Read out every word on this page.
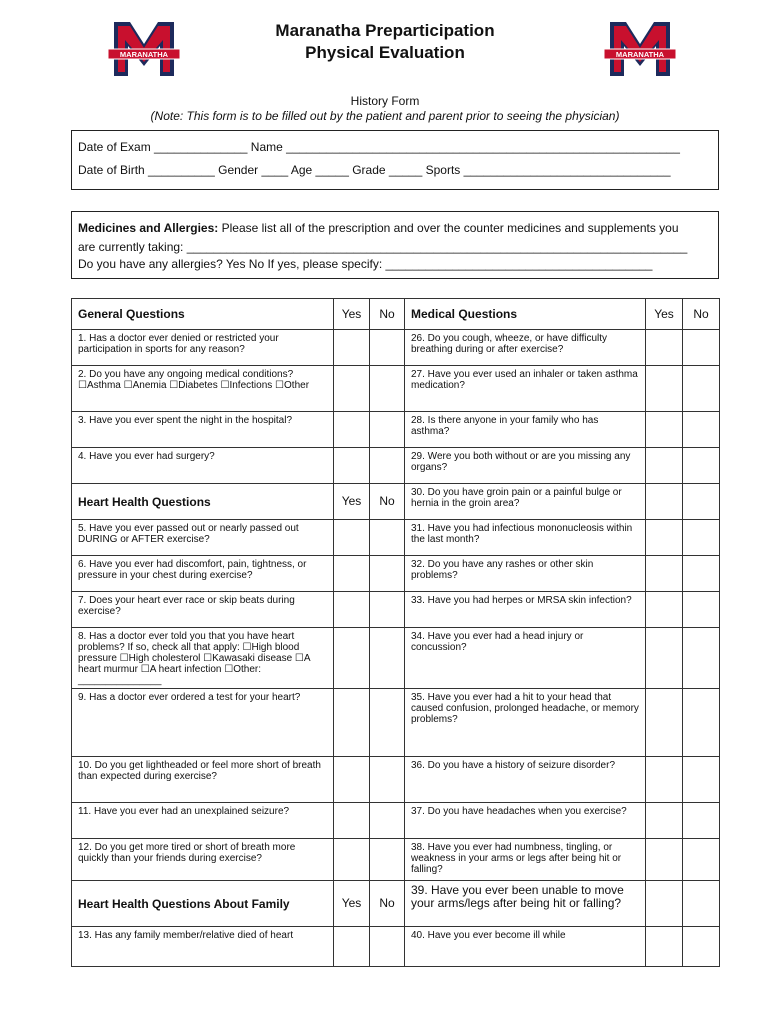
MARANATHA	MARANATHA
Maranatha Preparticipation
Physical Evaluation
History Form
(Note: This form is to be filled out by the patient and parent prior to seeing the physician)
Date of Exam ______________ Name ___________________________________________________________
Date of Birth __________ Gender ____ Age _____ Grade _____ Sports _______________________________
Medicines and Allergies: Please list all of the prescription and over the counter medicines and supplements you
are currently taking: ___________________________________________________________________________
Do you have any allergies? Yes No If yes, please specify: ________________________________________
General Questions	Yes	No	Medical Questions	Yes	No
1. Has a doctor ever denied or restricted your participation in sports for any reason?			26. Do you cough, wheeze, or have difficulty breathing during or after exercise?		
2. Do you have any ongoing medical conditions? ☐Asthma ☐Anemia ☐Diabetes ☐Infections ☐Other			27. Have you ever used an inhaler or taken asthma medication?		
3. Have you ever spent the night in the hospital?			28. Is there anyone in your family who has asthma?		
4. Have you ever had surgery?			29. Were you both without or are you missing any organs?		
Heart Health Questions	Yes	No	30. Do you have groin pain or a painful bulge or hernia in the groin area?		
5. Have you ever passed out or nearly passed out DURING or AFTER exercise?			31. Have you had infectious mononucleosis within the last month?		
6. Have you ever had discomfort, pain, tightness, or pressure in your chest during exercise?			32. Do you have any rashes or other skin problems?		
7. Does your heart ever race or skip beats during exercise?			33. Have you had herpes or MRSA skin infection?		
8. Has a doctor ever told you that you have heart problems? If so, check all that apply: ☐High blood pressure ☐High cholesterol ☐Kawasaki disease ☐A heart murmur ☐A heart infection ☐Other: _______________			34. Have you ever had a head injury or concussion?		
9. Has a doctor ever ordered a test for your heart?			35. Have you ever had a hit to your head that caused confusion, prolonged headache, or memory problems?		
10. Do you get lightheaded or feel more short of breath than expected during exercise?			36. Do you have a history of seizure disorder?		
11. Have you ever had an unexplained seizure?			37. Do you have headaches when you exercise?		
12. Do you get more tired or short of breath more quickly than your friends during exercise?			38. Have you ever had numbness, tingling, or weakness in your arms or legs after being hit or falling?		
Heart Health Questions About Family	Yes	No	39. Have you ever been unable to move your arms/legs after being hit or falling?		
13. Has any family member/relative died of heart			40. Have you ever become ill while		
